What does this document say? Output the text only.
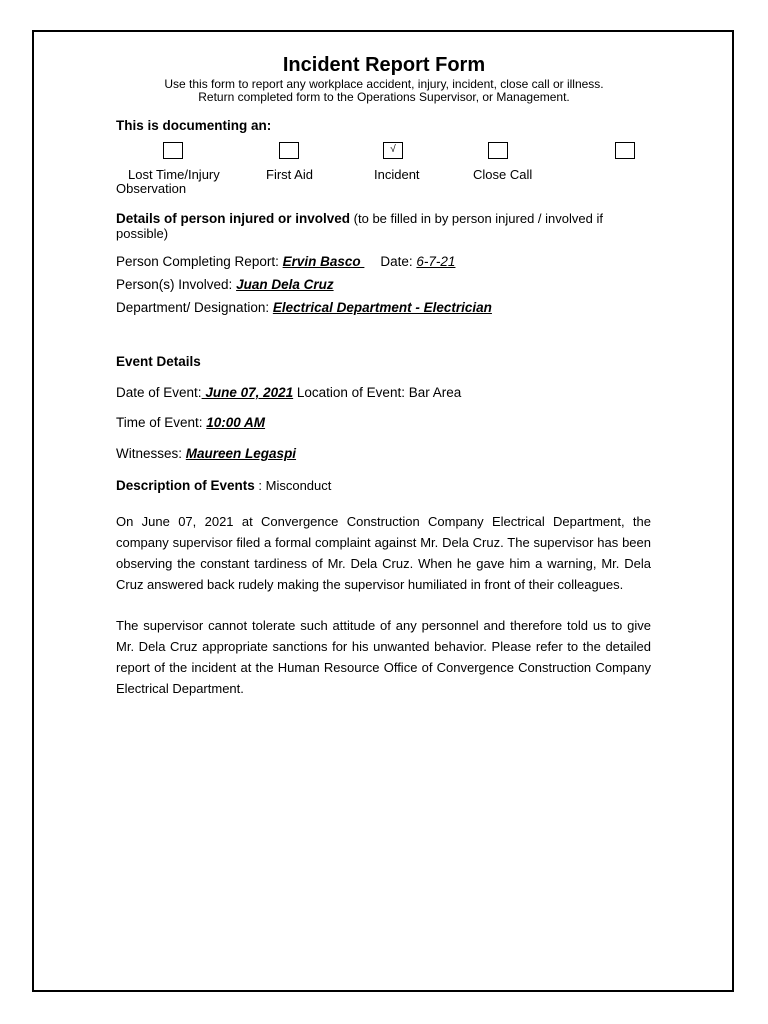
Incident Report Form
Use this form to report any workplace accident, injury, incident, close call or illness.
Return completed form to the Operations Supervisor, or Management.
This is documenting an:
√
Lost Time/Injury	First Aid	Incident	Close Call
Observation
Details of person injured or involved (to be filled in by person injured / involved if
possible)
Person Completing Report: Ervin Basco Date: 6-7-21
Person(s) Involved: Juan Dela Cruz
Department/ Designation: Electrical Department - Electrician
Event Details
Date of Event: June 07, 2021 Location of Event: Bar Area
Time of Event: 10:00 AM
Witnesses: Maureen Legaspi
Description of Events : Misconduct
On June 07, 2021 at Convergence Construction Company Electrical Department, the company supervisor filed a formal complaint against Mr. Dela Cruz. The supervisor has been observing the constant tardiness of Mr. Dela Cruz. When he gave him a warning, Mr. Dela Cruz answered back rudely making the supervisor humiliated in front of their colleagues.
The supervisor cannot tolerate such attitude of any personnel and therefore told us to give Mr. Dela Cruz appropriate sanctions for his unwanted behavior. Please refer to the detailed report of the incident at the Human Resource Office of Convergence Construction Company Electrical Department.
